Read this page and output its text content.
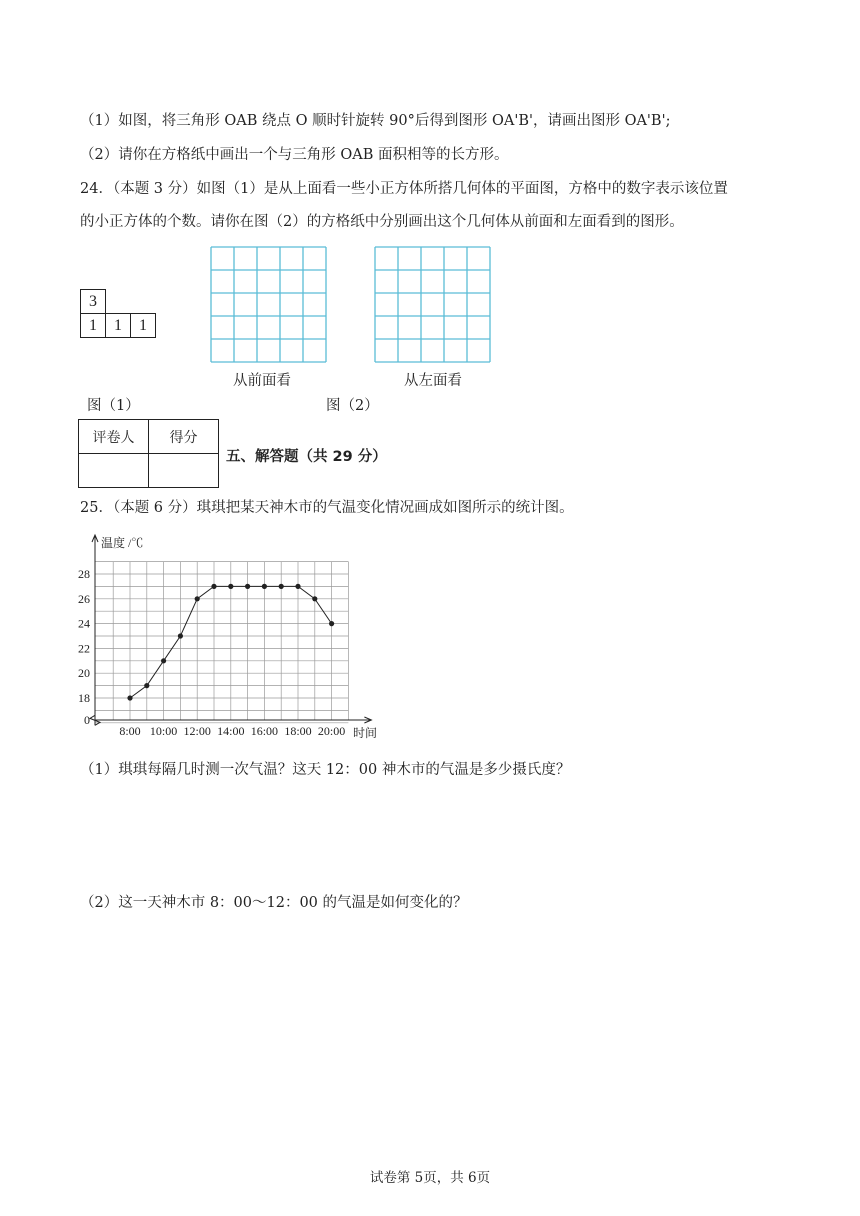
（1）如图，将三角形 OAB 绕点 O 顺时针旋转 90°后得到图形 OA'B'，请画出图形 OA'B';
（2）请你在方格纸中画出一个与三角形 OAB 面积相等的长方形。
24．（本题 3 分）如图（1）是从上面看一些小正方体所搭几何体的平面图，方格中的数字表示该位置
的小正方体的个数。请你在图（2）的方格纸中分别画出这个几何体从前面和左面看到的图形。
3
1	1	1
从前面看	从左面看
图（1）	图（2）
评卷人	得分

五、解答题（共 29 分）
25．（本题 6 分）琪琪把某天神木市的气温变化情况画成如图所示的统计图。
8:00 10:00 12:00 14:00 16:00 18:00 20:00
0
18
20
22
24
26
28
温度 /℃
时间
（1）琪琪每隔几时测一次气温？这天 12：00 神木市的气温是多少摄氏度？
（2）这一天神木市 8：00～12：00 的气温是如何变化的？
试卷第 5页，共 6页
